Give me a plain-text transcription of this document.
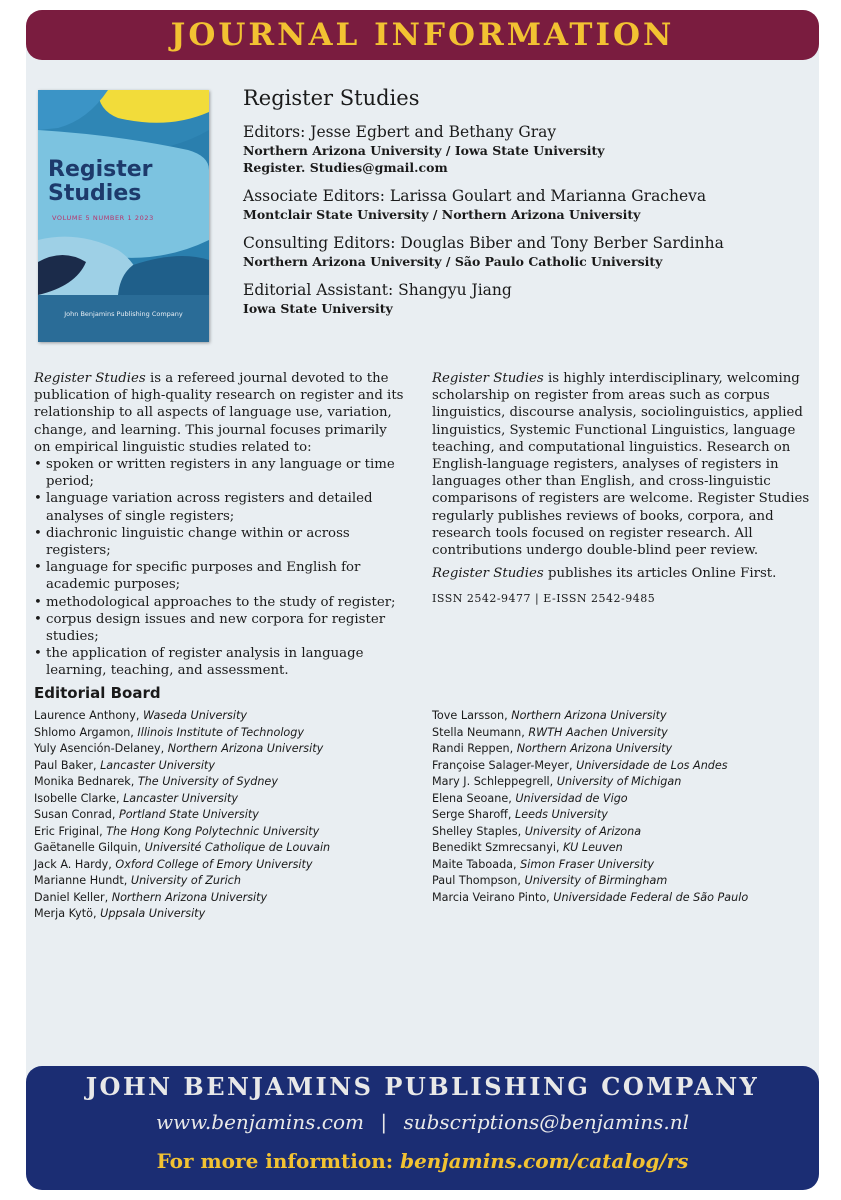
JOURNAL INFORMATION
Register
Studies
VOLUME 5 NUMBER 1 2023
John Benjamins Publishing Company
Register Studies
Editors: Jesse Egbert and Bethany Gray
Northern Arizona University / Iowa State University
Register. Studies@gmail.com
Associate Editors: Larissa Goulart and Marianna Gracheva
Montclair State University / Northern Arizona University
Consulting Editors: Douglas Biber and Tony Berber Sardinha
Northern Arizona University / São Paulo Catholic University
Editorial Assistant: Shangyu Jiang
Iowa State University

Register Studies is a refereed journal devoted to the publication of high-quality research on register and its relationship to all aspects of language use, variation, change, and learning. This journal focuses primarily on empirical linguistic studies related to:

• spoken or written registers in any language or time period;
• language variation across registers and detailed analyses of single registers;
• diachronic linguistic change within or across registers;
• language for specific purposes and English for academic purposes;
• methodological approaches to the study of register;
• corpus design issues and new corpora for register studies;
• the application of register analysis in language learning, teaching, and assessment.

Register Studies is highly interdisciplinary, welcoming scholarship on register from areas such as corpus linguistics, discourse analysis, sociolinguistics, applied linguistics, Systemic Functional Linguistics, language teaching, and computational linguistics. Research on English-language registers, analyses of registers in languages other than English, and cross-linguistic comparisons of registers are welcome. Register Studies regularly publishes reviews of books, corpora, and research tools focused on register research. All contributions undergo double-blind peer review.

Register Studies publishes its articles Online First.

ISSN 2542-9477 | E-ISSN 2542-9485

Editorial Board
Laurence Anthony, Waseda University
Shlomo Argamon, Illinois Institute of Technology
Yuly Asención-Delaney, Northern Arizona University
Paul Baker, Lancaster University
Monika Bednarek, The University of Sydney
Isobelle Clarke, Lancaster University
Susan Conrad, Portland State University
Eric Friginal, The Hong Kong Polytechnic University
Gaëtanelle Gilquin, Université Catholique de Louvain
Jack A. Hardy, Oxford College of Emory University
Marianne Hundt, University of Zurich
Daniel Keller, Northern Arizona University
Merja Kytö, Uppsala University
Tove Larsson, Northern Arizona University
Stella Neumann, RWTH Aachen University
Randi Reppen, Northern Arizona University
Françoise Salager-Meyer, Universidade de Los Andes
Mary J. Schleppegrell, University of Michigan
Elena Seoane, Universidad de Vigo
Serge Sharoff, Leeds University
Shelley Staples, University of Arizona
Benedikt Szmrecsanyi, KU Leuven
Maite Taboada, Simon Fraser University
Paul Thompson, University of Birmingham
Marcia Veirano Pinto, Universidade Federal de São Paulo
JOHN BENJAMINS PUBLISHING COMPANY
www.benjamins.com | subscriptions@benjamins.nl
For more informtion: benjamins.com/catalog/rs
